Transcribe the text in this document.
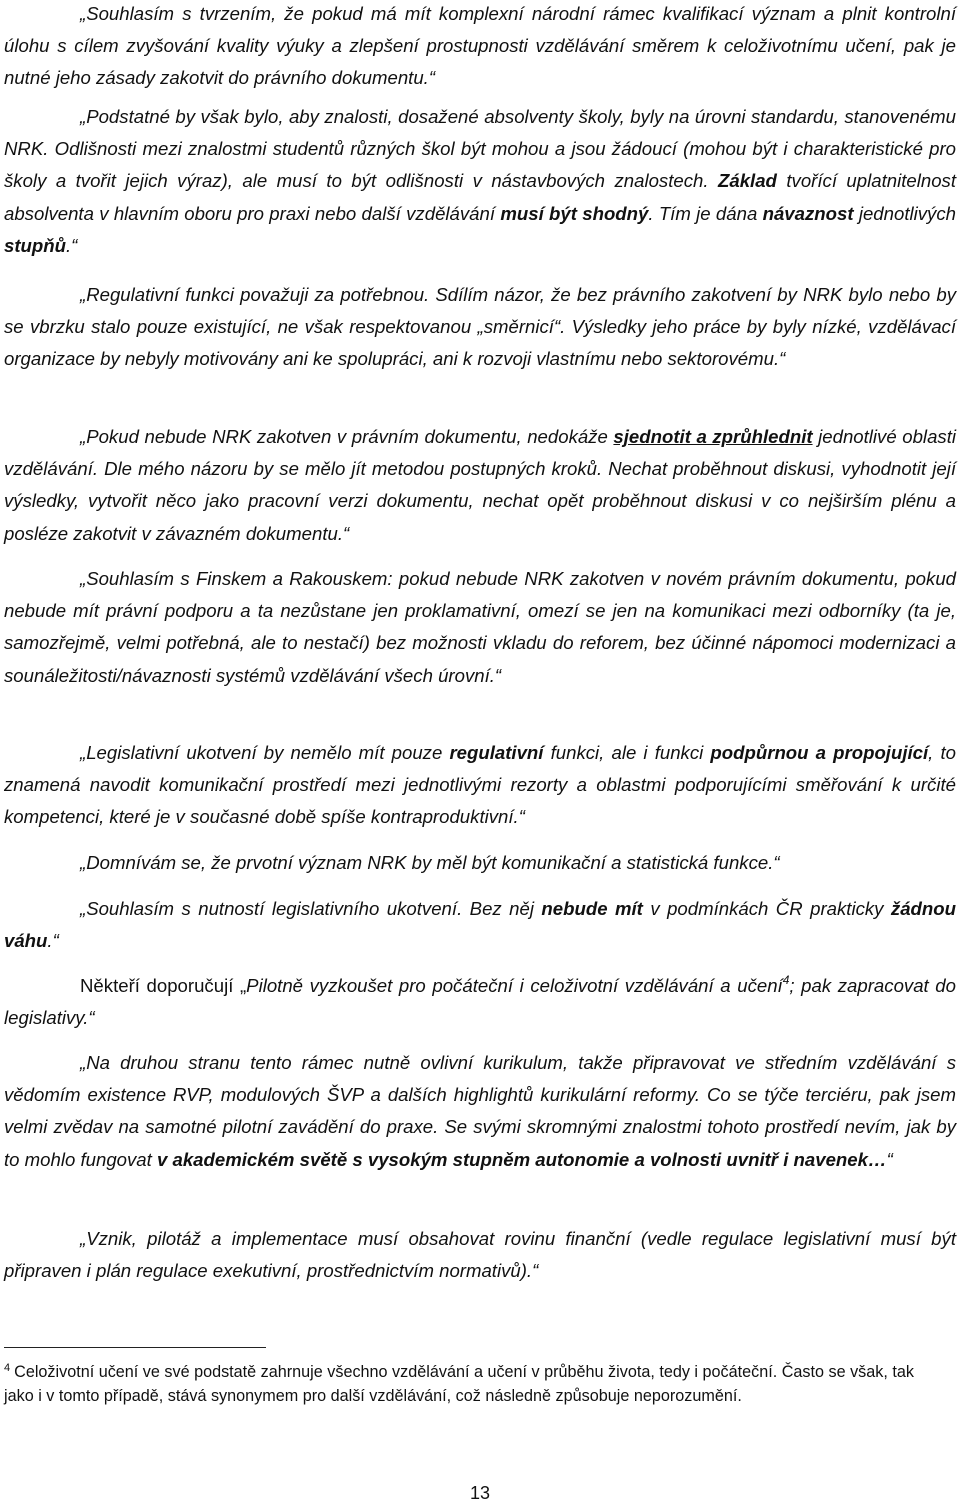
„Souhlasím s tvrzením, že pokud má mít komplexní národní rámec kvalifikací význam a plnit kontrolní úlohu s cílem zvyšování kvality výuky a zlepšení prostupnosti vzdělávání směrem k celoživotnímu učení, pak je nutné jeho zásady zakotvit do právního dokumentu.“

„Podstatné by však bylo, aby znalosti, dosažené absolventy školy, byly na úrovni standardu, stanovenému NRK. Odlišnosti mezi znalostmi studentů různých škol být mohou a jsou žádoucí (mohou být i charakteristické pro školy a tvořit jejich výraz), ale musí to být odlišnosti v nástavbových znalostech. Základ tvořící uplatnitelnost absolventa v hlavním oboru pro praxi nebo další vzdělávání musí být shodný. Tím je dána návaznost jednotlivých stupňů.“

„Regulativní funkci považuji za potřebnou. Sdílím názor, že bez právního zakotvení by NRK bylo nebo by se vbrzku stalo pouze existující, ne však respektovanou „směrnicí“. Výsledky jeho práce by byly nízké, vzdělávací organizace by nebyly motivovány ani ke spolupráci, ani k rozvoji vlastnímu nebo sektorovému.“

„Pokud nebude NRK zakotven v právním dokumentu, nedokáže sjednotit a zprůhlednit jednotlivé oblasti vzdělávání. Dle mého názoru by se mělo jít metodou postupných kroků. Nechat proběhnout diskusi, vyhodnotit její výsledky, vytvořit něco jako pracovní verzi dokumentu, nechat opět proběhnout diskusi v co nejširším plénu a posléze zakotvit v závazném dokumentu.“

„Souhlasím s Finskem a Rakouskem: pokud nebude NRK zakotven v novém právním dokumentu, pokud nebude mít právní podporu a ta nezůstane jen proklamativní, omezí se jen na komunikaci mezi odborníky (ta je, samozřejmě, velmi potřebná, ale to nestačí) bez možnosti vkladu do reforem, bez účinné nápomoci modernizaci a sounáležitosti/návaznosti systémů vzdělávání všech úrovní.“

„Legislativní ukotvení by nemělo mít pouze regulativní funkci, ale i funkci podpůrnou a propojující, to znamená navodit komunikační prostředí mezi jednotlivými rezorty a oblastmi podporujícími směřování k určité kompetenci, které je v současné době spíše kontraproduktivní.“

„Domnívám se, že prvotní význam NRK by měl být komunikační a statistická funkce.“

„Souhlasím s nutností legislativního ukotvení. Bez něj nebude mít v podmínkách ČR prakticky žádnou váhu.“

Někteří doporučují „Pilotně vyzkoušet pro počáteční i celoživotní vzdělávání a učení$^4$; pak zapracovat do legislativy.“

„Na druhou stranu tento rámec nutně ovlivní kurikulum, takže připravovat ve středním vzdělávání s vědomím existence RVP, modulových ŠVP a dalších highlightů kurikulární reformy. Co se týče terciéru, pak jsem velmi zvědav na samotné pilotní zavádění do praxe. Se svými skromnými znalostmi tohoto prostředí nevím, jak by to mohlo fungovat v akademickém světě s vysokým stupněm autonomie a volnosti uvnitř i navenek…“

„Vznik, pilotáž a implementace musí obsahovat rovinu finanční (vedle regulace legislativní musí být připraven i plán regulace exekutivní, prostřednictvím normativů).“

$^4$ Celoživotní učení ve své podstatě zahrnuje všechno vzdělávání a učení v průběhu života, tedy i počáteční. Často se však, tak jako i v tomto případě, stává synonymem pro další vzdělávání, což následně způsobuje neporozumění.

13
